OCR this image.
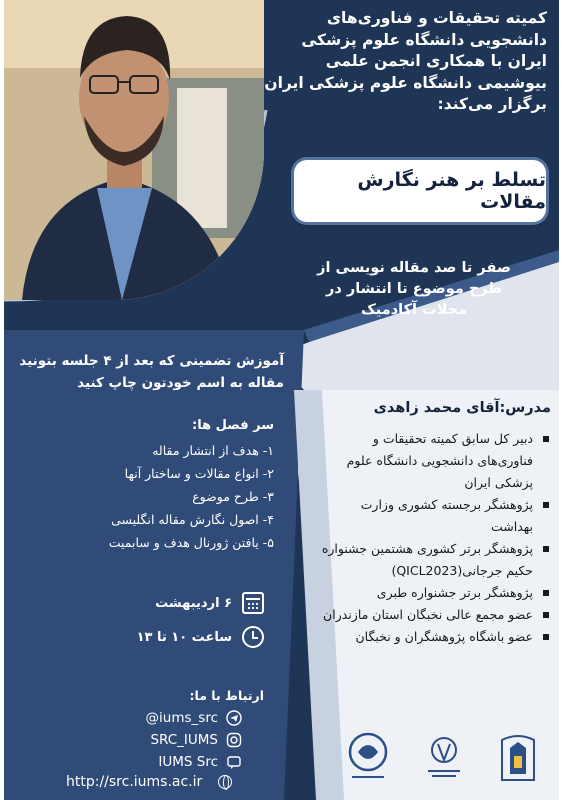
کمیته تحقیقات و فناوری‌های دانشجویی دانشگاه علوم پزشکی ایران با همکاری انجمن علمی بیوشیمی دانشگاه علوم پزشکی ایران برگزار می‌کند:
تسلط بر هنر نگارش مقالات
صفر تا صد مقاله نویسی از
طرح موضوع تا انتشار در
مجلات آکادمیک
آموزش تضمینی که بعد از ۴ جلسه بتونید
مقاله به اسم خودتون چاپ کنید
سر فصل ها:
۱- هدف از انتشار مقاله
۲- انواع مقالات و ساختار آنها
۳- طرح موضوع
۴- اصول نگارش مقاله انگلیسی
۵- یافتن ژورنال هدف و سابمیت
۶ اردیبهشت
ساعت ۱۰ تا ۱۳
ارتباط با ما:
@iums_src
SRC_IUMS
IUMS Src
http://src.iums.ac.ir
مدرس:آقای محمد زاهدی
دبیر کل سابق کمیته تحقیقات و فناوری‌های دانشجویی دانشگاه علوم پزشکی ایران
پژوهشگر برجسته کشوری وزارت بهداشت
پژوهشگر برتر کشوری هشتمین جشنواره حکیم جرجانی(QICL2023)
پژوهشگر برتر جشنواره طبری
عضو مجمع عالی نخبگان استان مازندران
عضو باشگاه پژوهشگران و نخبگان
